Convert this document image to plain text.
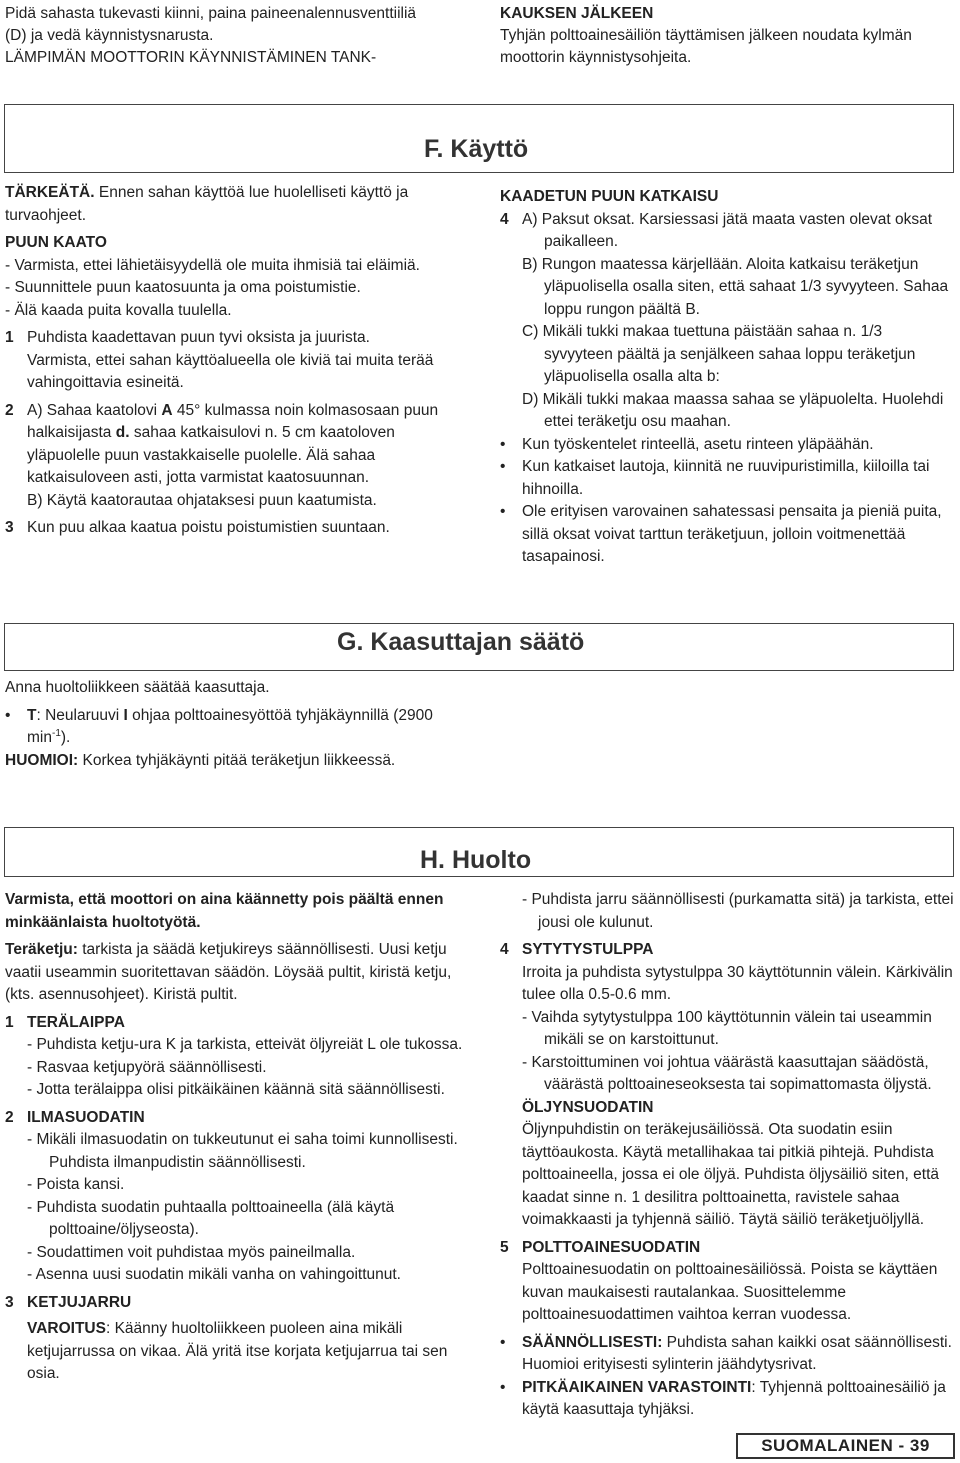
Pidä sahasta tukevasti kiinni, paina paineenalennusventtiiliä

(D) ja vedä käynnistysnarusta.

LÄMPIMÄN MOOTTORIN KÄYNNISTÄMINEN TANK-

KAUKSEN JÄLKEEN

Tyhjän polttoainesäiliön täyttämisen jälkeen noudata kylmän moottorin käynnistysohjeita.

F. Käyttö

TÄRKEÄTÄ. Ennen sahan käyttöä lue huolelliseti käyttö ja turvaohjeet.

PUUN KAATO

- Varmista, ettei lähietäisyydellä ole muita ihmisiä tai eläimiä.

- Suunnittele puun kaatosuunta ja oma poistumistie.

- Älä kaada puita kovalla tuulella.

1 Puhdista kaadettavan puun tyvi oksista ja juurista.

Varmista, ettei sahan käyttöalueella ole kiviä tai muita terää vahingoittavia esineitä.

2 A) Sahaa kaatolovi A 45° kulmassa noin kolmasosaan puun halkaisijasta d. sahaa katkaisulovi n. 5 cm kaatoloven yläpuolelle puun vastakkaiselle puolelle. Älä sahaa katkaisuloveen asti, jotta varmistat kaatosuunnan.

B) Käytä kaatorautaa ohjataksesi puun kaatumista.

3 Kun puu alkaa kaatua poistu poistumistien suuntaan.

KAADETUN PUUN KATKAISU

4 A) Paksut oksat. Karsiessasi jätä maata vasten olevat oksat paikalleen.

B) Rungon maatessa kärjellään. Aloita katkaisu teräketjun yläpuolisella osalla siten, että sahaat 1/3 syvyyteen. Sahaa loppu rungon päältä B.

C) Mikäli tukki makaa tuettuna päistään sahaa n. 1/3 syvyyteen päältä ja senjälkeen sahaa loppu teräketjun yläpuolisella osalla alta b:

D) Mikäli tukki makaa maassa sahaa se yläpuolelta. Huolehdi ettei teräketju osu maahan.

• Kun työskentelet rinteellä, asetu rinteen yläpäähän.

• Kun katkaiset lautoja, kiinnitä ne ruuvipuristimilla, kiiloilla tai hihnoilla.

• Ole erityisen varovainen sahatessasi pensaita ja pieniä puita, sillä oksat voivat tarttun teräketjuun, jolloin voitmenettää tasapainosi.

G. Kaasuttajan säätö

Anna huoltoliikkeen säätää kaasuttaja.

• T: Neularuuvi I ohjaa polttoainesyöttöä tyhjäkäynnillä (2900 $\min^{-1}$).

HUOMIOI: Korkea tyhjäkäynti pitää teräketjun liikkeessä.

H. Huolto

Varmista, että moottori on aina käännetty pois päältä ennen minkäänlaista huoltotyötä.

Teräketju: tarkista ja säädä ketjukireys säännöllisesti. Uusi ketju vaatii useammin suoritettavan säädön. Löysää pultit, kiristä ketju, (kts. asennusohjeet). Kiristä pultit.

1 TERÄLAIPPA

- Puhdista ketju-ura K ja tarkista, etteivät öljyreiät L ole tukossa.

- Rasvaa ketjupyörä säännöllisesti.

- Jotta terälaippa olisi pitkäikäinen käännä sitä säännöllisesti.

2 ILMASUODATIN

- Mikäli ilmasuodatin on tukkeutunut ei saha toimi kunnollisesti. Puhdista ilmanpudistin säännöllisesti.

- Poista kansi.

- Puhdista suodatin puhtaalla polttoaineella (älä käytä polttoaine/öljyseosta).

- Soudattimen voit puhdistaa myös paineilmalla.

- Asenna uusi suodatin mikäli vanha on vahingoittunut.

3 KETJUJARRU

VAROITUS: Käänny huoltoliikkeen puoleen aina mikäli ketjujarrussa on vikaa. Älä yritä itse korjata ketjujarrua tai sen osia.

- Puhdista jarru säännöllisesti (purkamatta sitä) ja tarkista, ettei jousi ole kulunut.

4 SYTYTYSTULPPA

Irroita ja puhdista sytystulppa 30 käyttötunnin välein. Kärkivälin tulee olla 0.5-0.6 mm.

- Vaihda sytytystulppa 100 käyttötunnin välein tai useammin mikäli se on karstoittunut.

- Karstoittuminen voi johtua väärästä kaasuttajan säädöstä, väärästä polttoaineseoksesta tai sopimattomasta öljystä.

ÖLJYNSUODATIN

Öljynpuhdistin on teräkejusäiliössä. Ota suodatin esiin täyttöaukosta. Käytä metallihakaa tai pitkiä pihtejä. Puhdista polttoaineella, jossa ei ole öljyä. Puhdista öljysäiliö siten, että kaadat sinne n. 1 desilitra polttoainetta, ravistele sahaa voimakkaasti ja tyhjennä säiliö. Täytä säiliö teräketjuöljyllä.

5 POLTTOAINESUODATIN

Polttoainesuodatin on polttoainesäiliössä. Poista se käyttäen kuvan maukaisesti rautalankaa. Suosittelemme polttoainesuodattimen vaihtoa kerran vuodessa.

• SÄÄNNÖLLISESTI: Puhdista sahan kaikki osat säännöllisesti. Huomioi erityisesti sylinterin jäähdytysrivat.

• PITKÄAIKAINEN VARASTOINTI: Tyhjennä polttoainesäiliö ja käytä kaasuttaja tyhjäksi.

SUOMALAINEN - 39
